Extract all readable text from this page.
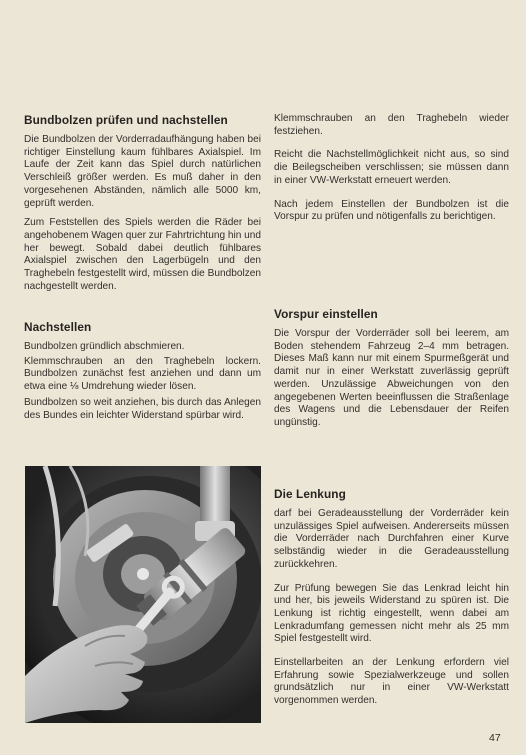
Bundbolzen prüfen und nachstellen

Die Bundbolzen der Vorderradaufhängung haben bei richtiger Einstellung kaum fühlbares Axialspiel. Im Laufe der Zeit kann das Spiel durch natürlichen Verschleiß größer werden. Es muß daher in den vorgesehenen Abständen, nämlich alle 5000 km, geprüft werden.

Zum Feststellen des Spiels werden die Räder bei angehobenem Wagen quer zur Fahrtrichtung hin und her bewegt. Sobald dabei deutlich fühlbares Axialspiel zwischen den Lagerbügeln und den Traghebeln festgestellt wird, müssen die Bundbolzen nachgestellt werden.

Nachstellen

Bundbolzen gründlich abschmieren.

Klemmschrauben an den Traghebeln lockern. Bundbolzen zunächst fest anziehen und dann um etwa eine ⅛ Umdrehung wieder lösen.

Bundbolzen so weit anziehen, bis durch das Anlegen des Bundes ein leichter Widerstand spürbar wird.

Klemmschrauben an den Traghebeln wieder festziehen.

Reicht die Nachstellmöglichkeit nicht aus, so sind die Beilegscheiben verschlissen; sie müssen dann in einer VW-Werkstatt erneuert werden.

Nach jedem Einstellen der Bundbolzen ist die Vorspur zu prüfen und nötigenfalls zu berichtigen.

Vorspur einstellen

Die Vorspur der Vorderräder soll bei leerem, am Boden stehendem Fahrzeug 2–4 mm betragen. Dieses Maß kann nur mit einem Spurmeßgerät und damit nur in einer Werkstatt zuverlässig geprüft werden. Unzulässige Abweichungen von den angegebenen Werten beeinflussen die Straßenlage des Wagens und die Lebensdauer der Reifen ungünstig.

Die Lenkung

darf bei Geradeausstellung der Vorderräder kein unzulässiges Spiel aufweisen. Andererseits müssen die Vorderräder nach Durchfahren einer Kurve selbständig wieder in die Geradeausstellung zurückkehren.

Zur Prüfung bewegen Sie das Lenkrad leicht hin und her, bis jeweils Widerstand zu spüren ist. Die Lenkung ist richtig eingestellt, wenn dabei am Lenkradumfang gemessen nicht mehr als 25 mm Spiel festgestellt wird.

Einstellarbeiten an der Lenkung erfordern viel Erfahrung sowie Spezialwerkzeuge und sollen grundsätzlich nur in einer VW-Werkstatt vorgenommen werden.

47
